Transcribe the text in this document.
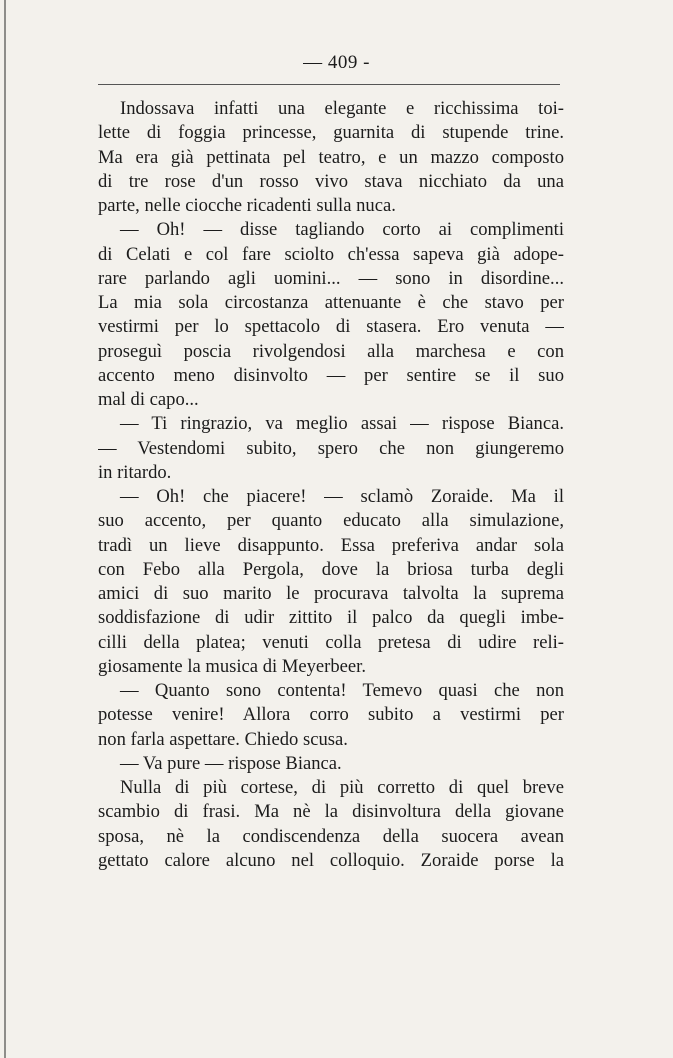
— 409 -
Indossava infatti una elegante e ricchissima toi-
lette di foggia princesse, guarnita di stupende trine.
Ma era già pettinata pel teatro, e un mazzo composto
di tre rose d'un rosso vivo stava nicchiato da una
parte, nelle ciocche ricadenti sulla nuca.
— Oh! — disse tagliando corto ai complimenti
di Celati e col fare sciolto ch'essa sapeva già adope-
rare parlando agli uomini... — sono in disordine...
La mia sola circostanza attenuante è che stavo per
vestirmi per lo spettacolo di stasera. Ero venuta —
proseguì poscia rivolgendosi alla marchesa e con
accento meno disinvolto — per sentire se il suo
mal di capo...
— Ti ringrazio, va meglio assai — rispose Bianca.
— Vestendomi subito, spero che non giungeremo
in ritardo.
— Oh! che piacere! — sclamò Zoraide. Ma il
suo accento, per quanto educato alla simulazione,
tradì un lieve disappunto. Essa preferiva andar sola
con Febo alla Pergola, dove la briosa turba degli
amici di suo marito le procurava talvolta la suprema
soddisfazione di udir zittito il palco da quegli imbe-
cilli della platea; venuti colla pretesa di udire reli-
giosamente la musica di Meyerbeer.
— Quanto sono contenta! Temevo quasi che non
potesse venire! Allora corro subito a vestirmi per
non farla aspettare. Chiedo scusa.
— Va pure — rispose Bianca.
Nulla di più cortese, di più corretto di quel breve
scambio di frasi. Ma nè la disinvoltura della giovane
sposa, nè la condiscendenza della suocera avean
gettato calore alcuno nel colloquio. Zoraide porse la
